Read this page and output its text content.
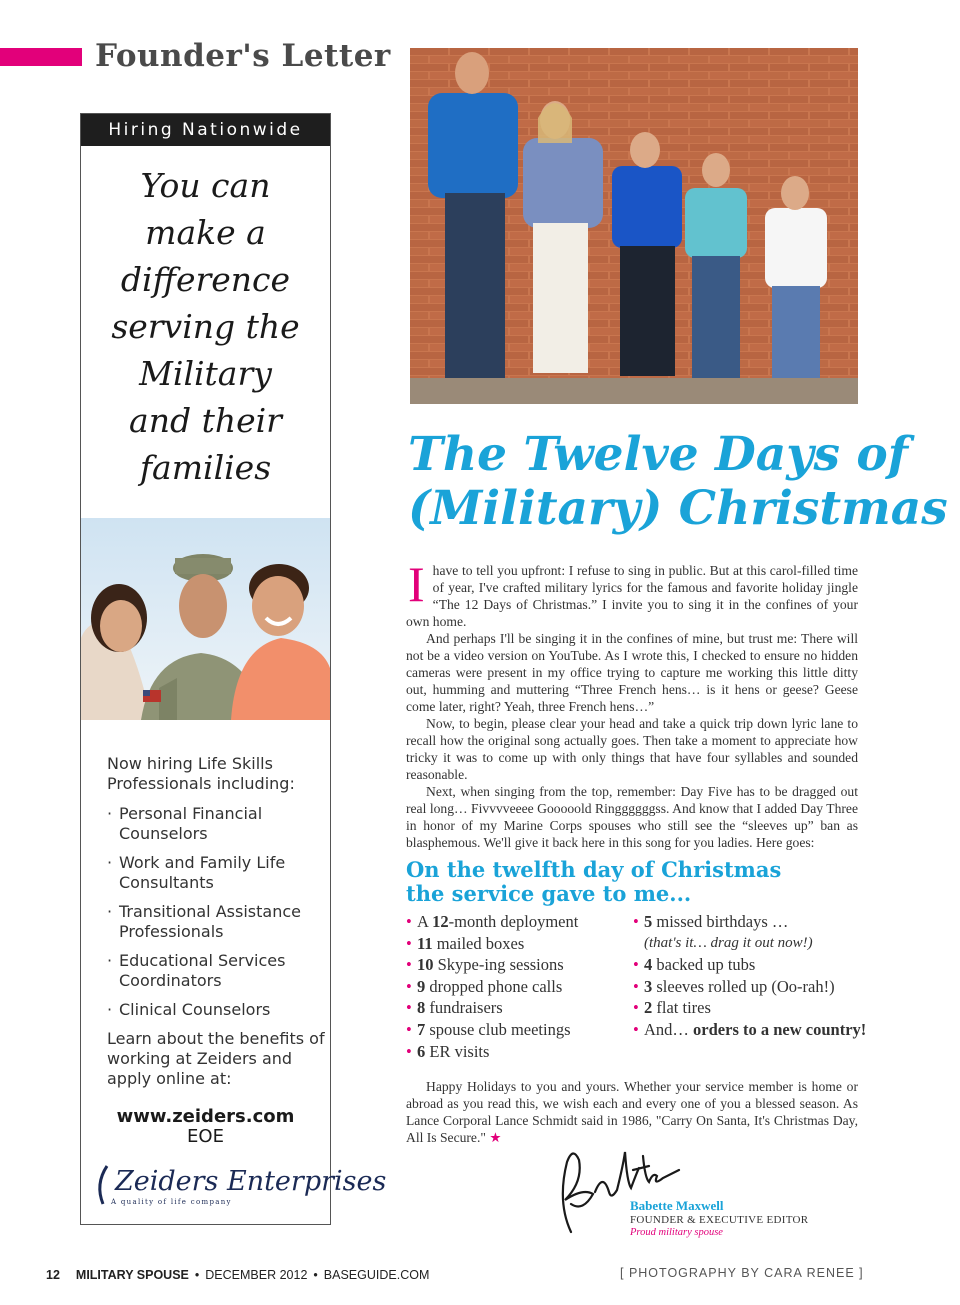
Founder's Letter
Hiring Nationwide
You can
make a
difference
serving the
Military
and their
families
Now hiring Life Skills Professionals including:
· Personal Financial Counselors
· Work and Family Life Consultants
· Transitional Assistance Professionals
· Educational Services Coordinators
· Clinical Counselors
Learn about the benefits of working at Zeiders and apply online at:
www.zeiders.com
EOE
Zeiders Enterprises
A quality of life company
The Twelve Days of
(Military) Christmas

Ihave to tell you upfront: I refuse to sing in public. But at this carol-filled time of year, I've crafted military lyrics for the famous and favorite holiday jingle “The 12 Days of Christmas.” I invite you to sing it in the confines of your own home.

And perhaps I'll be singing it in the confines of mine, but trust me: There will not be a video version on YouTube. As I wrote this, I checked to ensure no hidden cameras were present in my office trying to capture me working this little ditty out, humming and muttering “Three French hens… is it hens or geese? Geese come later, right? Yeah, three French hens…”

Now, to begin, please clear your head and take a quick trip down lyric lane to recall how the original song actually goes. Then take a moment to appreciate how tricky it was to come up with only things that have four syllables and sounded reasonable.

Next, when singing from the top, remember: Day Five has to be dragged out real long… Fivvvveeee Gooooold Ringgggggss. And know that I added Day Three in honor of my Marine Corps spouses who still see the “sleeves up” ban as blasphemous. We'll give it back here in this song for you ladies. Here goes:

On the twelfth day of Christmas
the service gave to me...
• A 12-month deployment
• 11 mailed boxes
• 10 Skype-ing sessions
• 9 dropped phone calls
• 8 fundraisers
• 7 spouse club meetings
• 6 ER visits
• 5 missed birthdays …
(that's it… drag it out now!)
• 4 backed up tubs
• 3 sleeves rolled up (Oo-rah!)
• 2 flat tires
• And… orders to a new country!

Happy Holidays to you and yours. Whether your service member is home or abroad as you read this, we wish each and every one of you a blessed season. As Lance Corporal Lance Schmidt said in 1986, "Carry On Santa, It's Christmas Day, All Is Secure." ★

Babette Maxwell
FOUNDER & EXECUTIVE EDITOR
Proud military spouse
12 MILITARY SPOUSE • DECEMBER 2012 • BASEGUIDE.COM	[ PHOTOGRAPHY BY CARA RENEE ]
